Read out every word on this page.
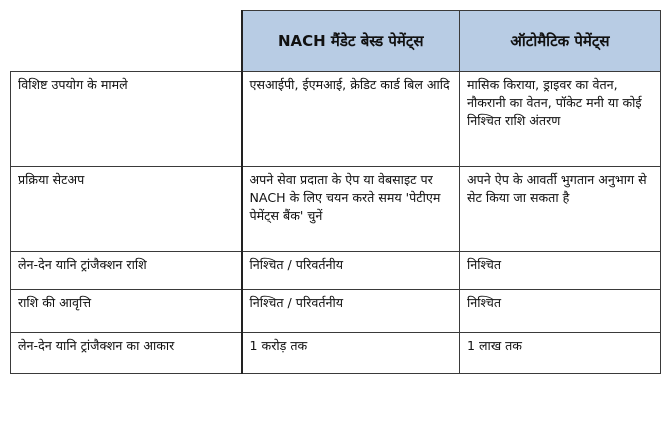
	NACH मैंडेट बेस्ड पेमेंट्स	ऑटोमैटिक पेमेंट्स
विशिष्ट उपयोग के मामले	एसआईपी, ईएमआई, क्रेडिट कार्ड बिल आदि	मासिक किराया, ड्राइवर का वेतन, नौकरानी का वेतन, पॉकेट मनी या कोई निश्चित राशि अंतरण
प्रक्रिया सेटअप	अपने सेवा प्रदाता के ऐप या वेबसाइट पर NACH के लिए चयन करते समय 'पेटीएम पेमेंट्स बैंक' चुनें	अपने ऐप के आवर्ती भुगतान अनुभाग से सेट किया जा सकता है
लेन-देन यानि ट्रांजैक्शन राशि	निश्चित / परिवर्तनीय	निश्चित
राशि की आवृत्ति	निश्चित / परिवर्तनीय	निश्चित
लेन-देन यानि ट्रांजैक्शन का आकार	1 करोड़ तक	1 लाख तक
